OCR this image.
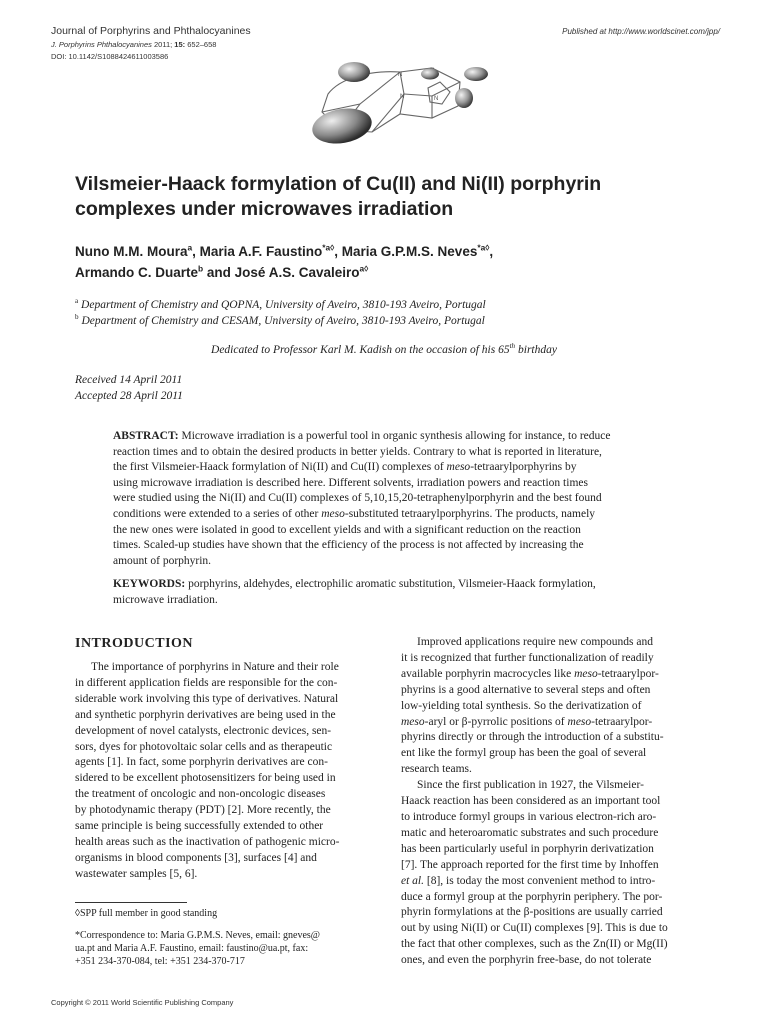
Journal of Porphyrins and Phthalocyanines
J. Porphyrins Phthalocyanines 2011; 15: 652–658
DOI: 10.1142/S1088424611003586
Published at http://www.worldscinet.com/jpp/
N
N	N
Vilsmeier-Haack formylation of Cu(II) and Ni(II) porphyrin
complexes under microwaves irradiation
Nuno M.M. Moura$^a$, Maria A.F. Faustino$^{*a◊}$, Maria G.P.M.S. Neves$^{*a◊}$,
Armando C. Duarte$^b$ and José A.S. Cavaleiro$^{a◊}$
$^a$ Department of Chemistry and QOPNA, University of Aveiro, 3810-193 Aveiro, Portugal
$^b$ Department of Chemistry and CESAM, University of Aveiro, 3810-193 Aveiro, Portugal
Dedicated to Professor Karl M. Kadish on the occasion of his 65th birthday
Received 14 April 2011
Accepted 28 April 2011
ABSTRACT: Microwave irradiation is a powerful tool in organic synthesis allowing for instance, to reduce
reaction times and to obtain the desired products in better yields. Contrary to what is reported in literature,
the first Vilsmeier-Haack formylation of Ni(II) and Cu(II) complexes of meso-tetraarylporphyrins by
using microwave irradiation is described here. Different solvents, irradiation powers and reaction times
were studied using the Ni(II) and Cu(II) complexes of 5,10,15,20-tetraphenylporphyrin and the best found
conditions were extended to a series of other meso-substituted tetraarylporphyrins. The products, namely
the new ones were isolated in good to excellent yields and with a significant reduction on the reaction
times. Scaled-up studies have shown that the efficiency of the process is not affected by increasing the
amount of porphyrin.
KEYWORDS: porphyrins, aldehydes, electrophilic aromatic substitution, Vilsmeier-Haack formylation,
microwave irradiation.
INTRODUCTION
The importance of porphyrins in Nature and their role
in different application fields are responsible for the con-
siderable work involving this type of derivatives. Natural
and synthetic porphyrin derivatives are being used in the
development of novel catalysts, electronic devices, sen-
sors, dyes for photovoltaic solar cells and as therapeutic
agents [1]. In fact, some porphyrin derivatives are con-
sidered to be excellent photosensitizers for being used in
the treatment of oncologic and non-oncologic diseases
by photodynamic therapy (PDT) [2]. More recently, the
same principle is being successfully extended to other
health areas such as the inactivation of pathogenic micro-
organisms in blood components [3], surfaces [4] and
wastewater samples [5, 6].
◊SPP full member in good standing
*Correspondence to: Maria G.P.M.S. Neves, email: gneves@
ua.pt and Maria A.F. Faustino, email: faustino@ua.pt, fax:
+351 234-370-084, tel: +351 234-370-717
Improved applications require new compounds and
it is recognized that further functionalization of readily
available porphyrin macrocycles like meso-tetraarylpor-
phyrins is a good alternative to several steps and often
low-yielding total synthesis. So the derivatization of
meso-aryl or β-pyrrolic positions of meso-tetraarylpor-
phyrins directly or through the introduction of a substitu-
ent like the formyl group has been the goal of several
research teams.
Since the first publication in 1927, the Vilsmeier-
Haack reaction has been considered as an important tool
to introduce formyl groups in various electron-rich aro-
matic and heteroaromatic substrates and such procedure
has been particularly useful in porphyrin derivatization
[7]. The approach reported for the first time by Inhoffen
et al. [8], is today the most convenient method to intro-
duce a formyl group at the porphyrin periphery. The por-
phyrin formylations at the β-positions are usually carried
out by using Ni(II) or Cu(II) complexes [9]. This is due to
the fact that other complexes, such as the Zn(II) or Mg(II)
ones, and even the porphyrin free-base, do not tolerate
Copyright © 2011 World Scientific Publishing Company
